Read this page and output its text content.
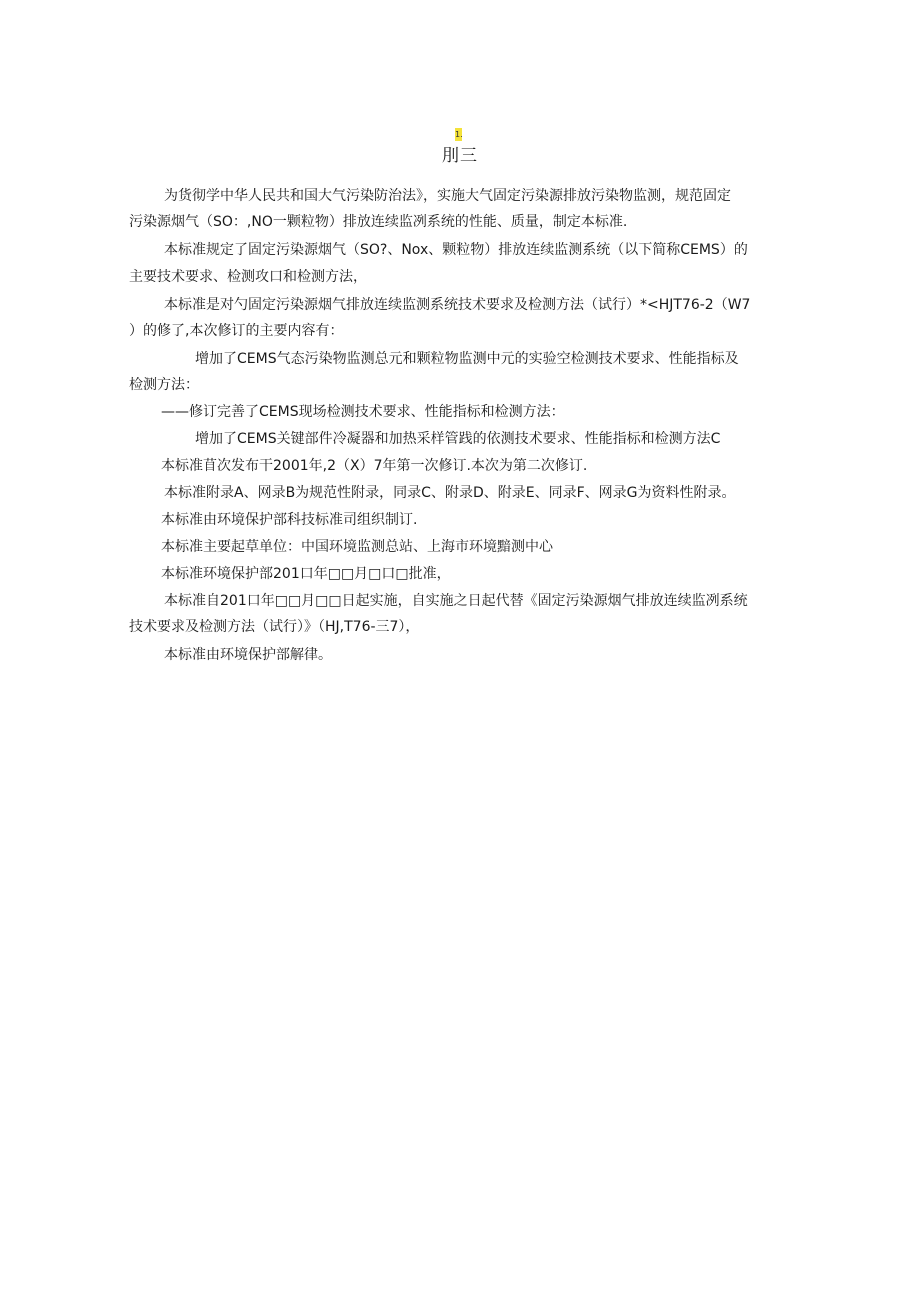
1.
刖三
为货彻学中华人民共和国大气污染防治法》，实施大气固定污染源排放污染物监测，规范固定
污染源烟气（SO：,NO一颗粒物）排放连续监冽系统的性能、质量，制定本标准.
本标准规定了固定污染源烟气（SO?、Nox、颗粒物）排放连续监测系统（以下简称CEMS）的
主要技术要求、检测攻口和检测方法，
本标准是对勺固定污染源烟气排放连续监测系统技术要求及检测方法（试行）*<HJT76-2（W7
）的修了,本次修订的主要内容有：
增加了CEMS气态污染物监测总元和颗粒物监测中元的实验空检测技术要求、性能指标及
检测方法：
——修订完善了CEMS现场检测技术要求、性能指标和检测方法：
增加了CEMS关键部件冷凝器和加热采样管践的依测技术要求、性能指标和检测方法C
本标准苜次发布干2001年,2（X）7年第一次修订.本次为第二次修订.
本标准附录A、网录B为规范性附录，同录C、附录D、附录E、同录F、网录G为资料性附录。
本标准由环境保护部科技标准司组织制订.
本标准主要起草单位：中国环境监测总站、上海市环境黯测中心
本标准环境保护部201口年□□月□口□批准，
本标准自201口年□□月□□日起实施，自实施之日起代替《固定污染源烟气排放连续监冽系统
技术要求及检测方法（试行）》（HJ,T76-三7），
本标准由环境保护部解律。
